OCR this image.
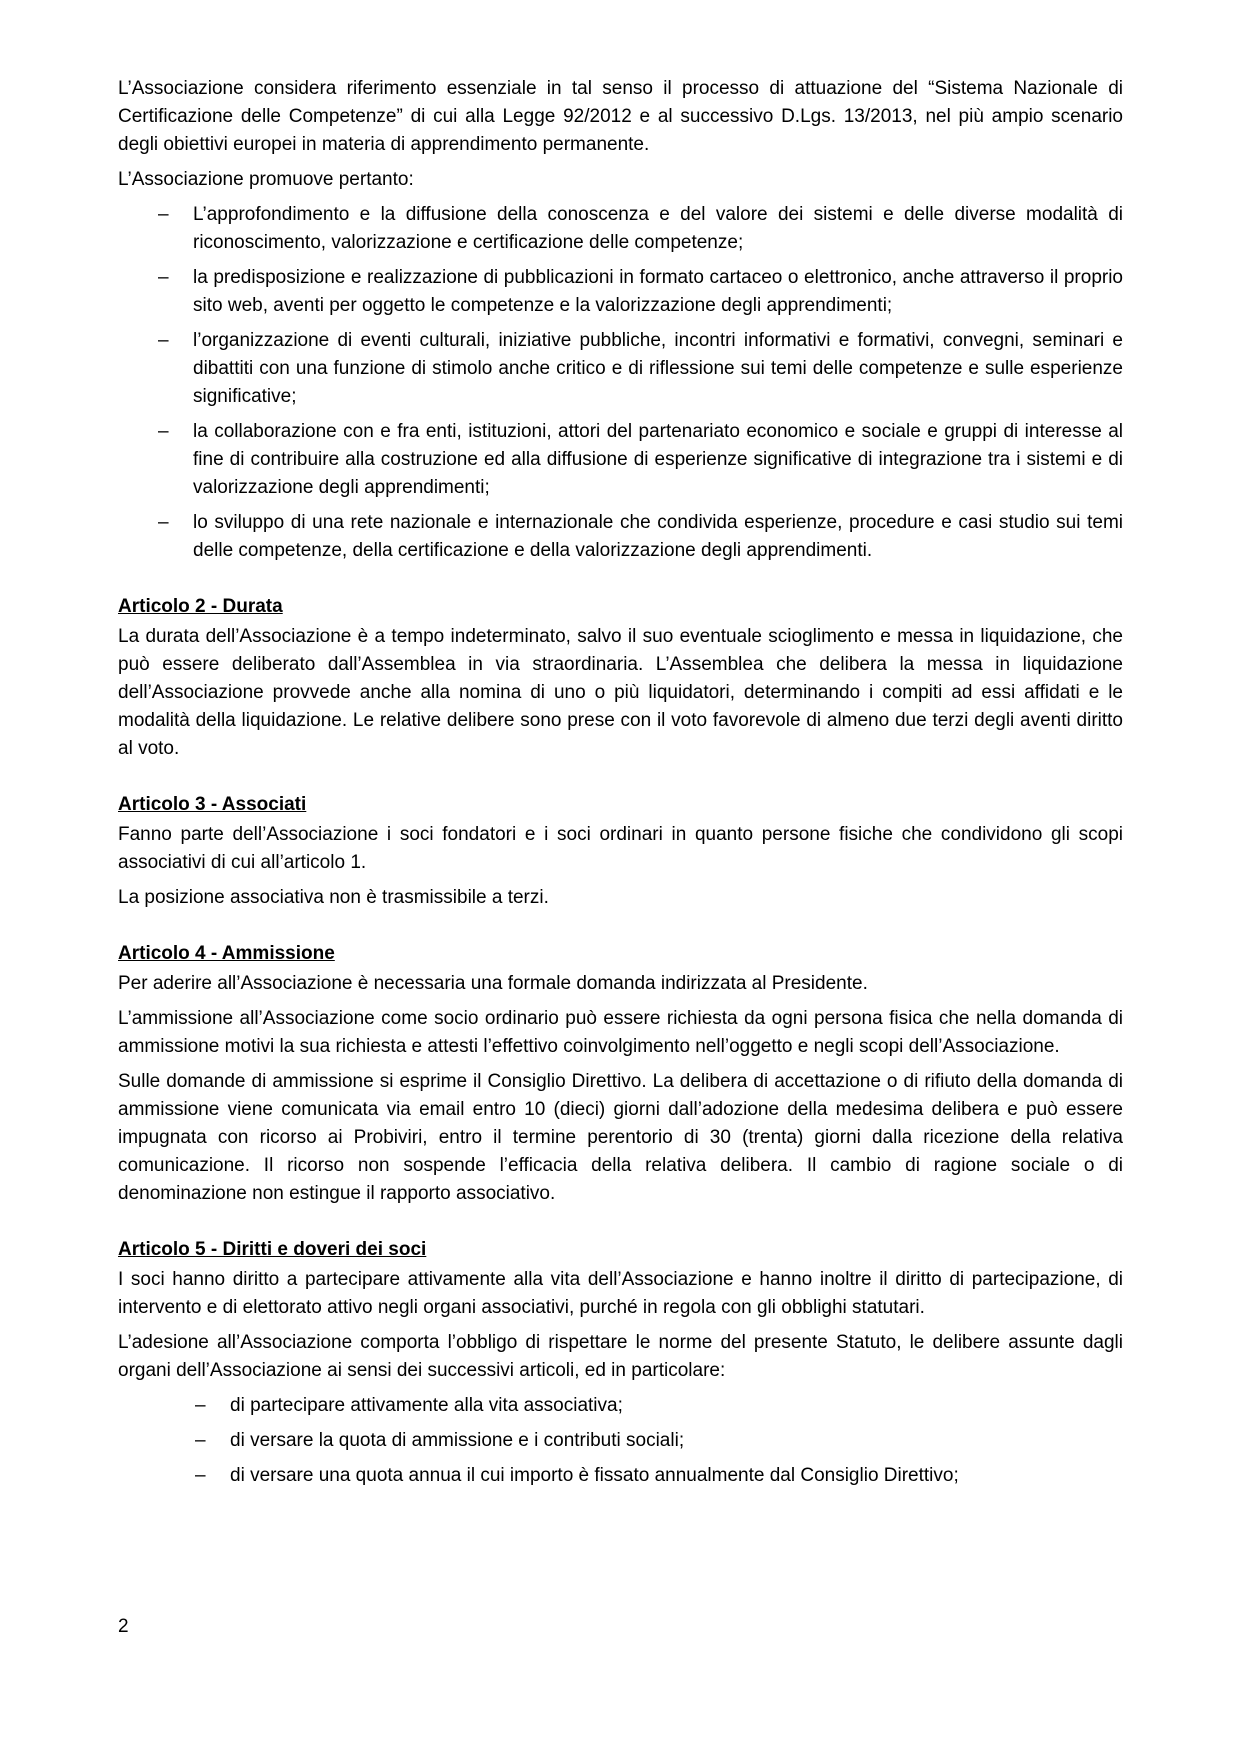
L’Associazione considera riferimento essenziale in tal senso il processo di attuazione del “Sistema Nazionale di Certificazione delle Competenze” di cui alla Legge 92/2012 e al successivo D.Lgs. 13/2013, nel più ampio scenario degli obiettivi europei in materia di apprendimento permanente.

L’Associazione promuove pertanto:

– L’approfondimento e la diffusione della conoscenza e del valore dei sistemi e delle diverse modalità di riconoscimento, valorizzazione e certificazione delle competenze;
– la predisposizione e realizzazione di pubblicazioni in formato cartaceo o elettronico, anche attraverso il proprio sito web, aventi per oggetto le competenze e la valorizzazione degli apprendimenti;
– l’organizzazione di eventi culturali, iniziative pubbliche, incontri informativi e formativi, convegni, seminari e dibattiti con una funzione di stimolo anche critico e di riflessione sui temi delle competenze e sulle esperienze significative;
– la collaborazione con e fra enti, istituzioni, attori del partenariato economico e sociale e gruppi di interesse al fine di contribuire alla costruzione ed alla diffusione di esperienze significative di integrazione tra i sistemi e di valorizzazione degli apprendimenti;
– lo sviluppo di una rete nazionale e internazionale che condivida esperienze, procedure e casi studio sui temi delle competenze, della certificazione e della valorizzazione degli apprendimenti.
Articolo 2 - Durata

La durata dell’Associazione è a tempo indeterminato, salvo il suo eventuale scioglimento e messa in liquidazione, che può essere deliberato dall’Assemblea in via straordinaria. L’Assemblea che delibera la messa in liquidazione dell’Associazione provvede anche alla nomina di uno o più liquidatori, determinando i compiti ad essi affidati e le modalità della liquidazione. Le relative delibere sono prese con il voto favorevole di almeno due terzi degli aventi diritto al voto.

Articolo 3 - Associati

Fanno parte dell’Associazione i soci fondatori e i soci ordinari in quanto persone fisiche che condividono gli scopi associativi di cui all’articolo 1.

La posizione associativa non è trasmissibile a terzi.

Articolo 4 - Ammissione

Per aderire all’Associazione è necessaria una formale domanda indirizzata al Presidente.

L’ammissione all’Associazione come socio ordinario può essere richiesta da ogni persona fisica che nella domanda di ammissione motivi la sua richiesta e attesti l’effettivo coinvolgimento nell’oggetto e negli scopi dell’Associazione.

Sulle domande di ammissione si esprime il Consiglio Direttivo. La delibera di accettazione o di rifiuto della domanda di ammissione viene comunicata via email entro 10 (dieci) giorni dall’adozione della medesima delibera e può essere impugnata con ricorso ai Probiviri, entro il termine perentorio di 30 (trenta) giorni dalla ricezione della relativa comunicazione. Il ricorso non sospende l’efficacia della relativa delibera. Il cambio di ragione sociale o di denominazione non estingue il rapporto associativo.

Articolo 5 - Diritti e doveri dei soci

I soci hanno diritto a partecipare attivamente alla vita dell’Associazione e hanno inoltre il diritto di partecipazione, di intervento e di elettorato attivo negli organi associativi, purché in regola con gli obblighi statutari.

L’adesione all’Associazione comporta l’obbligo di rispettare le norme del presente Statuto, le delibere assunte dagli organi dell’Associazione ai sensi dei successivi articoli, ed in particolare:

– di partecipare attivamente alla vita associativa;
– di versare la quota di ammissione e i contributi sociali;
– di versare una quota annua il cui importo è fissato annualmente dal Consiglio Direttivo;
2
